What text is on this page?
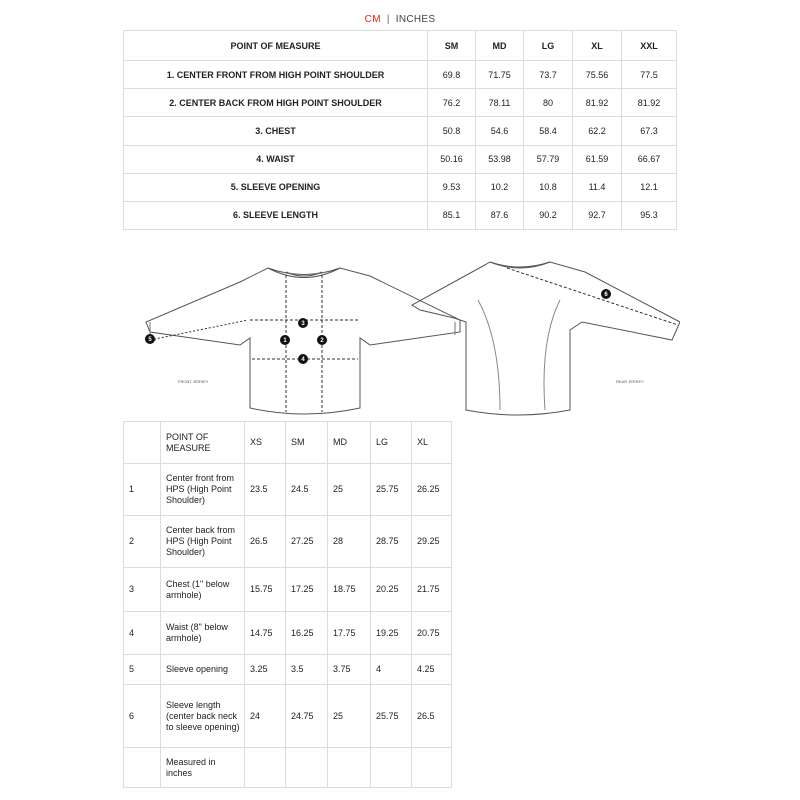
CM | INCHES
POINT OF MEASURE	SM	MD	LG	XL	XXL
1. CENTER FRONT FROM HIGH POINT SHOULDER	69.8	71.75	73.7	75.56	77.5
2. CENTER BACK FROM HIGH POINT SHOULDER	76.2	78.11	80	81.92	81.92
3. CHEST	50.8	54.6	58.4	62.2	67.3
4. WAIST	50.16	53.98	57.79	61.59	66.67
5. SLEEVE OPENING	9.53	10.2	10.8	11.4	12.1
6. SLEEVE LENGTH	85.1	87.6	90.2	92.7	95.3
FRONT JERSEY	REAR JERSEY
1	2
3
4
5
6
	POINT OF MEASURE	XS	SM	MD	LG	XL
1	Center front from HPS (High Point Shoulder)	23.5	24.5	25	25.75	26.25
2	Center back from HPS (High Point Shoulder)	26.5	27.25	28	28.75	29.25
3	Chest (1" below armhole)	15.75	17.25	18.75	20.25	21.75
4	Waist (8" below armhole)	14.75	16.25	17.75	19.25	20.75
5	Sleeve opening	3.25	3.5	3.75	4	4.25
6	Sleeve length (center back neck to sleeve opening)	24	24.75	25	25.75	26.5
	Measured in inches					
